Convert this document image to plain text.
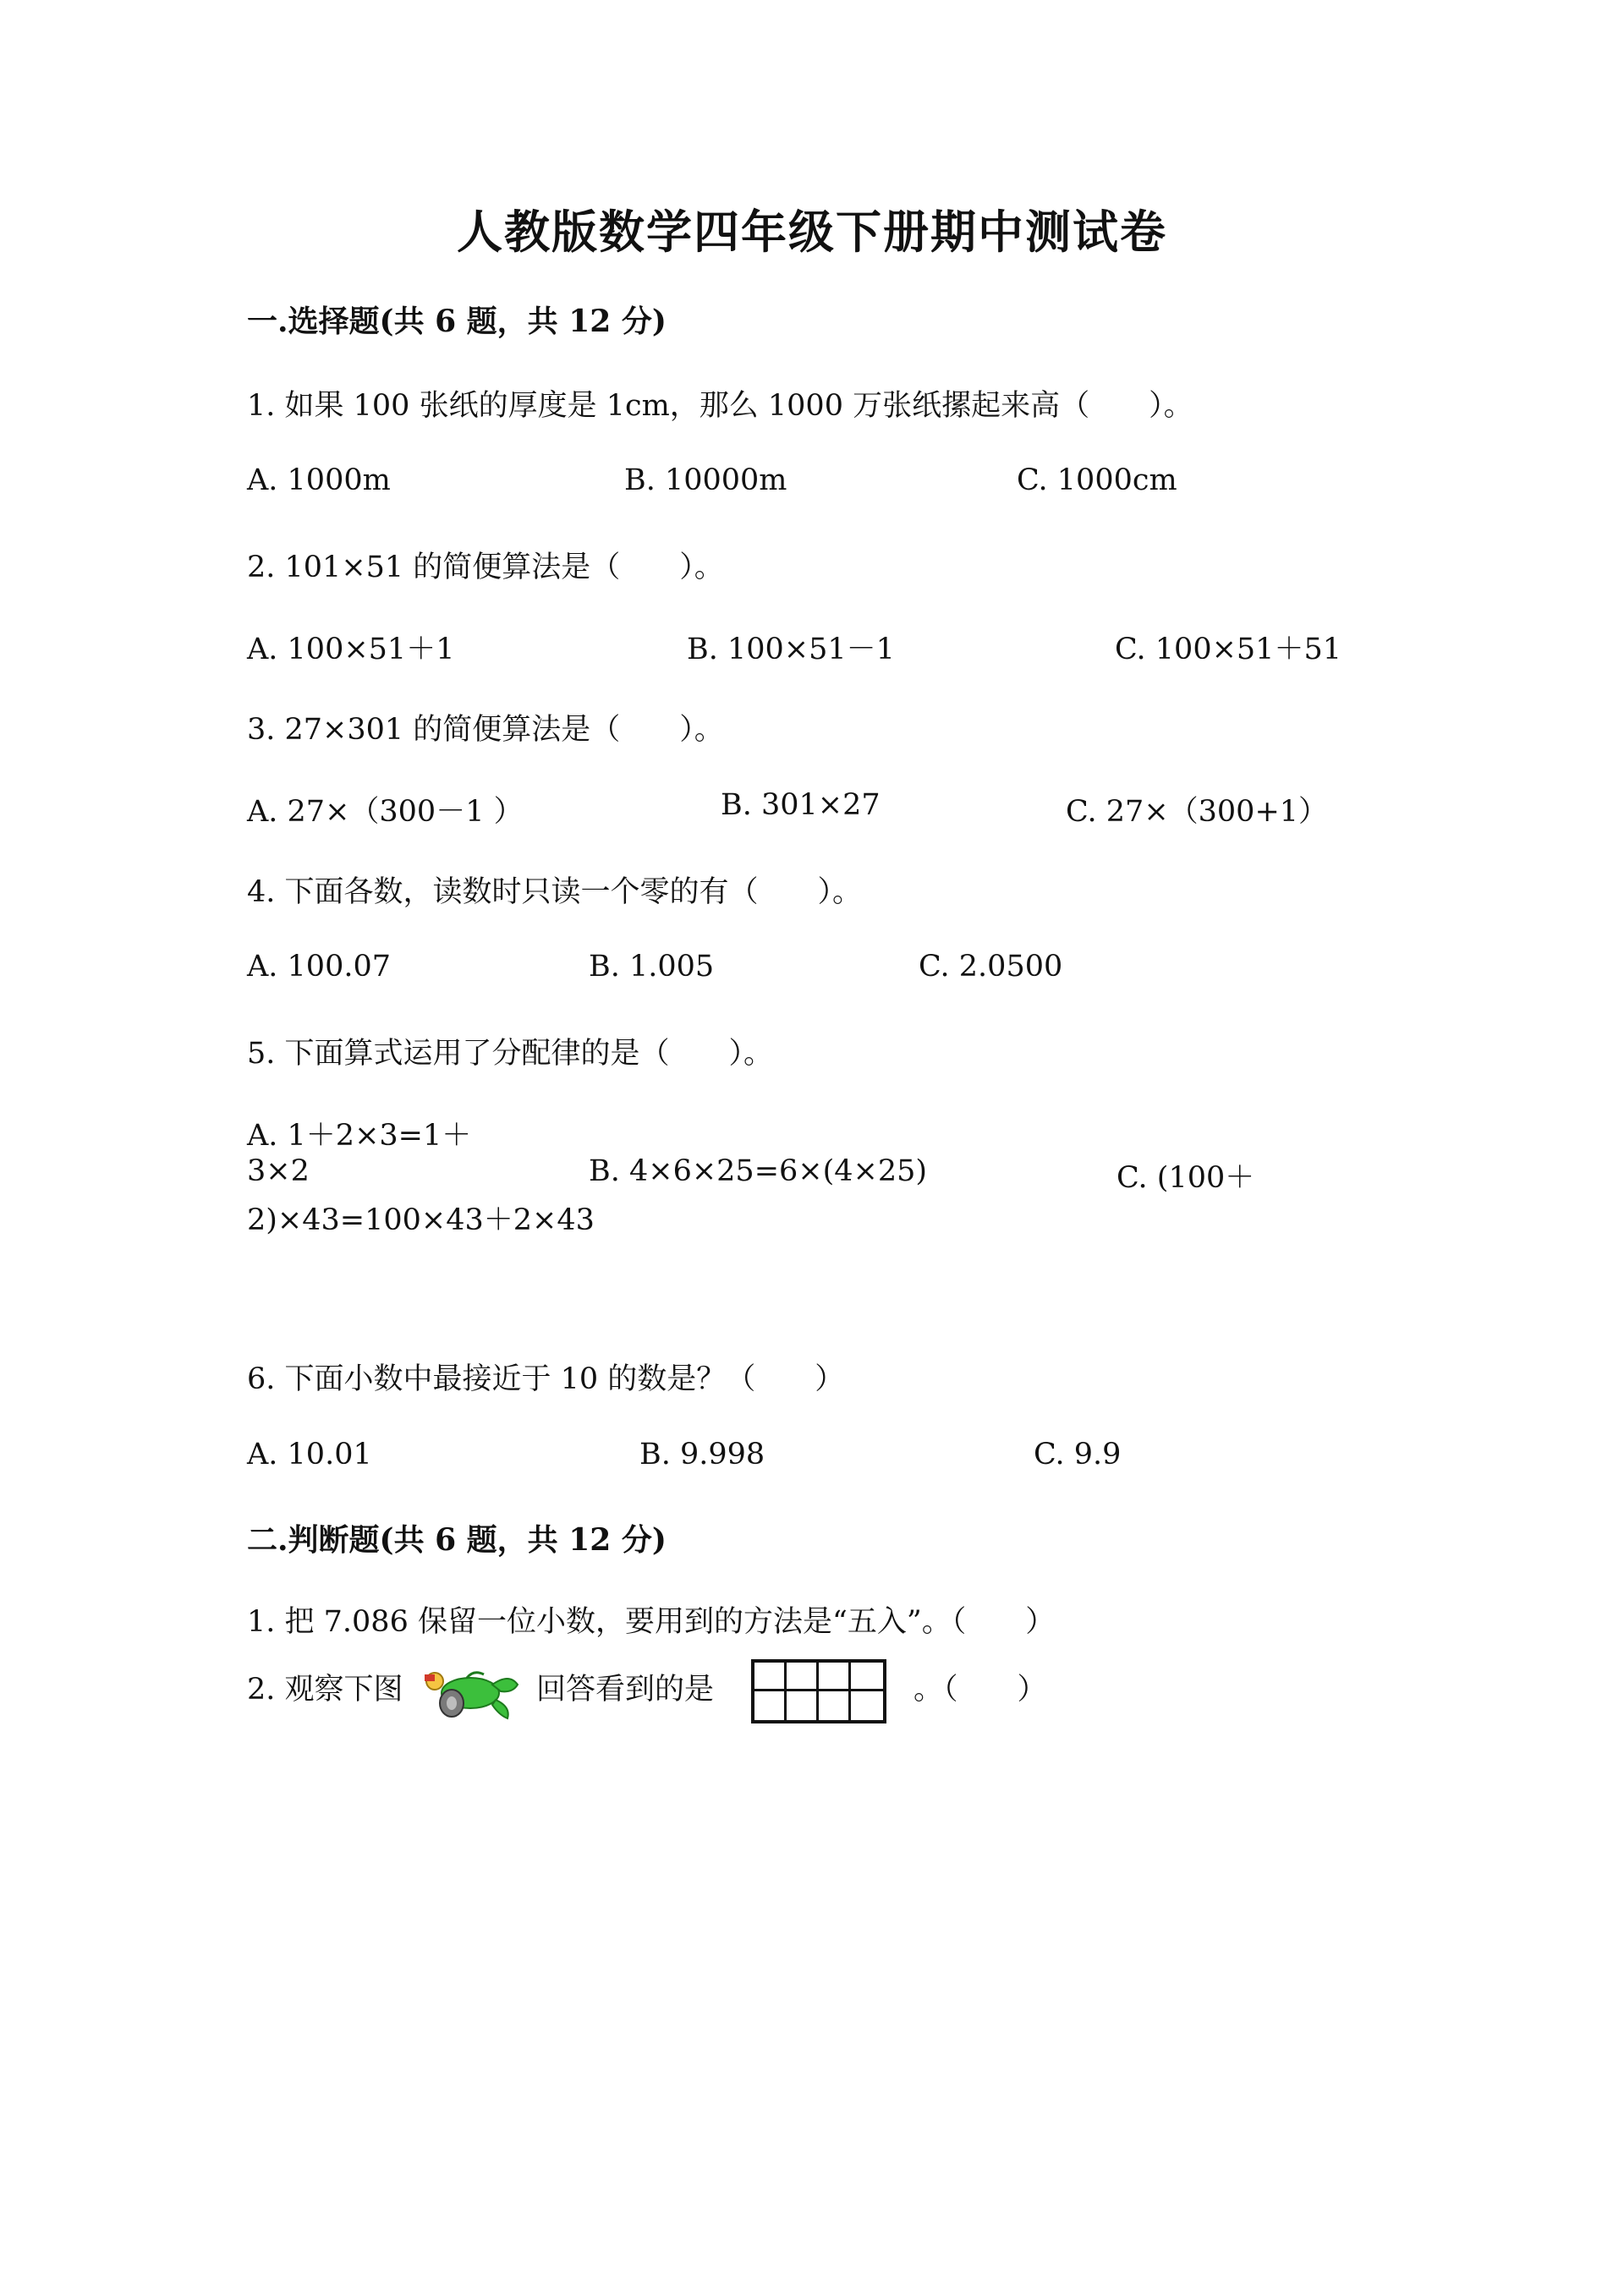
人教版数学四年级下册期中测试卷
一.选择题(共 6 题，共 12 分)
1. 如果 100 张纸的厚度是 1cm，那么 1000 万张纸摞起来高（　　）。
A. 1000m	B. 10000m	C. 1000cm
2. 101×51 的简便算法是（　　）。
A. 100×51＋1	B. 100×51－1	C. 100×51＋51
3. 27×301 的简便算法是（　　）。
A. 27×（300－1 ）	B. 301×27	C. 27×（300+1）
4. 下面各数，读数时只读一个零的有（　　）。
A. 100.07	B. 1.005	C. 2.0500
5. 下面算式运用了分配律的是（　　）。
A. 1＋2×3=1＋
3×2	B. 4×6×25=6×(4×25)	C. (100＋
2)×43=100×43＋2×43
6. 下面小数中最接近于 10 的数是？（　　）
A. 10.01	B. 9.998	C. 9.9
二.判断题(共 6 题，共 12 分)
1. 把 7.086 保留一位小数，要用到的方法是“五入”。（　　）
2. 观察下图	回答看到的是	。（　　）
